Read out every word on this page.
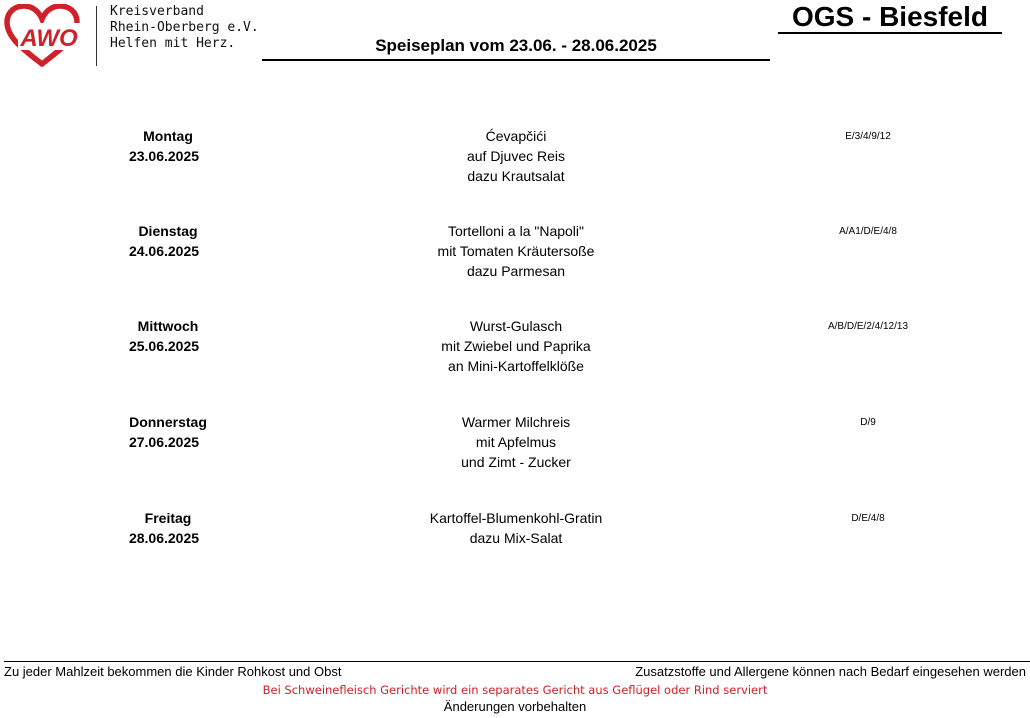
AWO
Kreisverband
Rhein-Oberberg e.V.
Helfen mit Herz.	Speiseplan vom 23.06. - 28.06.2025
OGS - Biesfeld
Montag
23.06.2025
Ćevapčići
auf Djuvec Reis
dazu Krautsalat
E/3/4/9/12
Dienstag
24.06.2025
Tortelloni a la "Napoli"
mit Tomaten Kräutersoße
dazu Parmesan
A/A1/D/E/4/8
Mittwoch
25.06.2025
Wurst-Gulasch
mit Zwiebel und Paprika
an Mini-Kartoffelklöße
A/B/D/E/2/4/12/13
Donnerstag
27.06.2025
Warmer Milchreis
mit Apfelmus
und Zimt - Zucker
D/9
Freitag
28.06.2025
Kartoffel-Blumenkohl-Gratin
dazu Mix-Salat
D/E/4/8
Zu jeder Mahlzeit bekommen die Kinder Rohkost und Obst	Zusatzstoffe und Allergene können nach Bedarf eingesehen werden
Bei Schweinefleisch Gerichte wird ein separates Gericht aus Geflügel oder Rind serviert
Änderungen vorbehalten
